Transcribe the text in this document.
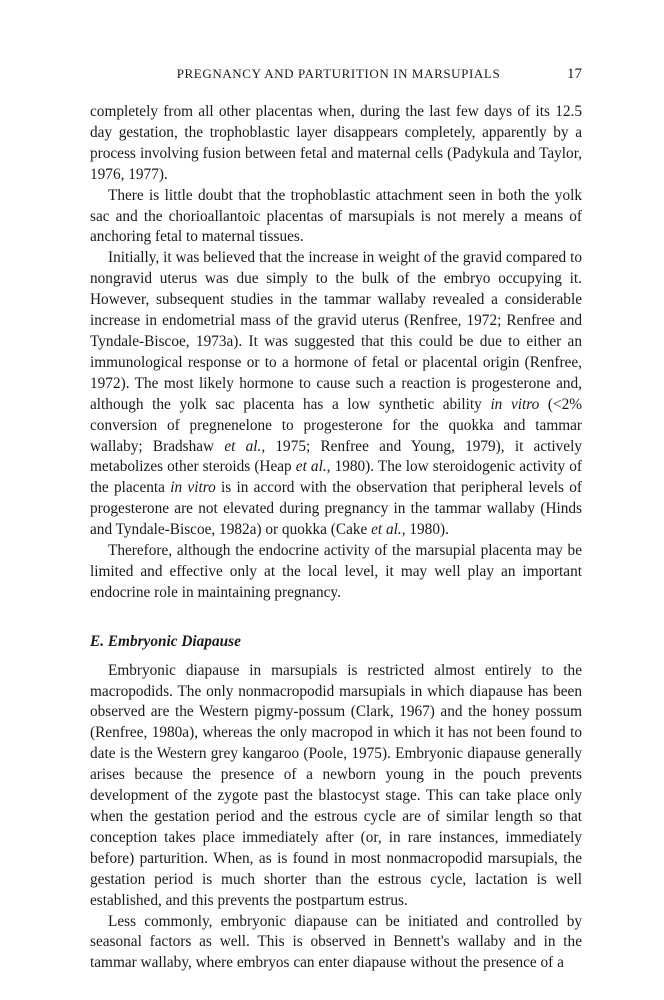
PREGNANCY AND PARTURITION IN MARSUPIALS	17

completely from all other placentas when, during the last few days of its 12.5 day gestation, the trophoblastic layer disappears completely, apparently by a process involving fusion between fetal and maternal cells (Padykula and Taylor, 1976, 1977).

There is little doubt that the trophoblastic attachment seen in both the yolk sac and the chorioallantoic placentas of marsupials is not merely a means of anchoring fetal to maternal tissues.

Initially, it was believed that the increase in weight of the gravid compared to nongravid uterus was due simply to the bulk of the embryo occupying it. However, subsequent studies in the tammar wallaby revealed a considerable increase in endometrial mass of the gravid uterus (Renfree, 1972; Renfree and Tyndale-Biscoe, 1973a). It was suggested that this could be due to either an immunological response or to a hormone of fetal or placental origin (Renfree, 1972). The most likely hormone to cause such a reaction is progesterone and, although the yolk sac placenta has a low synthetic ability in vitro (<2% conversion of pregnenelone to progesterone for the quokka and tammar wallaby; Bradshaw et al., 1975; Renfree and Young, 1979), it actively metabolizes other steroids (Heap et al., 1980). The low steroidogenic activity of the placenta in vitro is in accord with the observation that peripheral levels of progesterone are not elevated during pregnancy in the tammar wallaby (Hinds and Tyndale-Biscoe, 1982a) or quokka (Cake et al., 1980).

Therefore, although the endocrine activity of the marsupial placenta may be limited and effective only at the local level, it may well play an important endocrine role in maintaining pregnancy.

E. Embryonic Diapause

Embryonic diapause in marsupials is restricted almost entirely to the macropodids. The only nonmacropodid marsupials in which diapause has been observed are the Western pigmy-possum (Clark, 1967) and the honey possum (Renfree, 1980a), whereas the only macropod in which it has not been found to date is the Western grey kangaroo (Poole, 1975). Embryonic diapause generally arises because the presence of a newborn young in the pouch prevents development of the zygote past the blastocyst stage. This can take place only when the gestation period and the estrous cycle are of similar length so that conception takes place immediately after (or, in rare instances, immediately before) parturition. When, as is found in most nonmacropodid marsupials, the gestation period is much shorter than the estrous cycle, lactation is well established, and this prevents the postpartum estrus.

Less commonly, embryonic diapause can be initiated and controlled by seasonal factors as well. This is observed in Bennett's wallaby and in the tammar wallaby, where embryos can enter diapause without the presence of a
